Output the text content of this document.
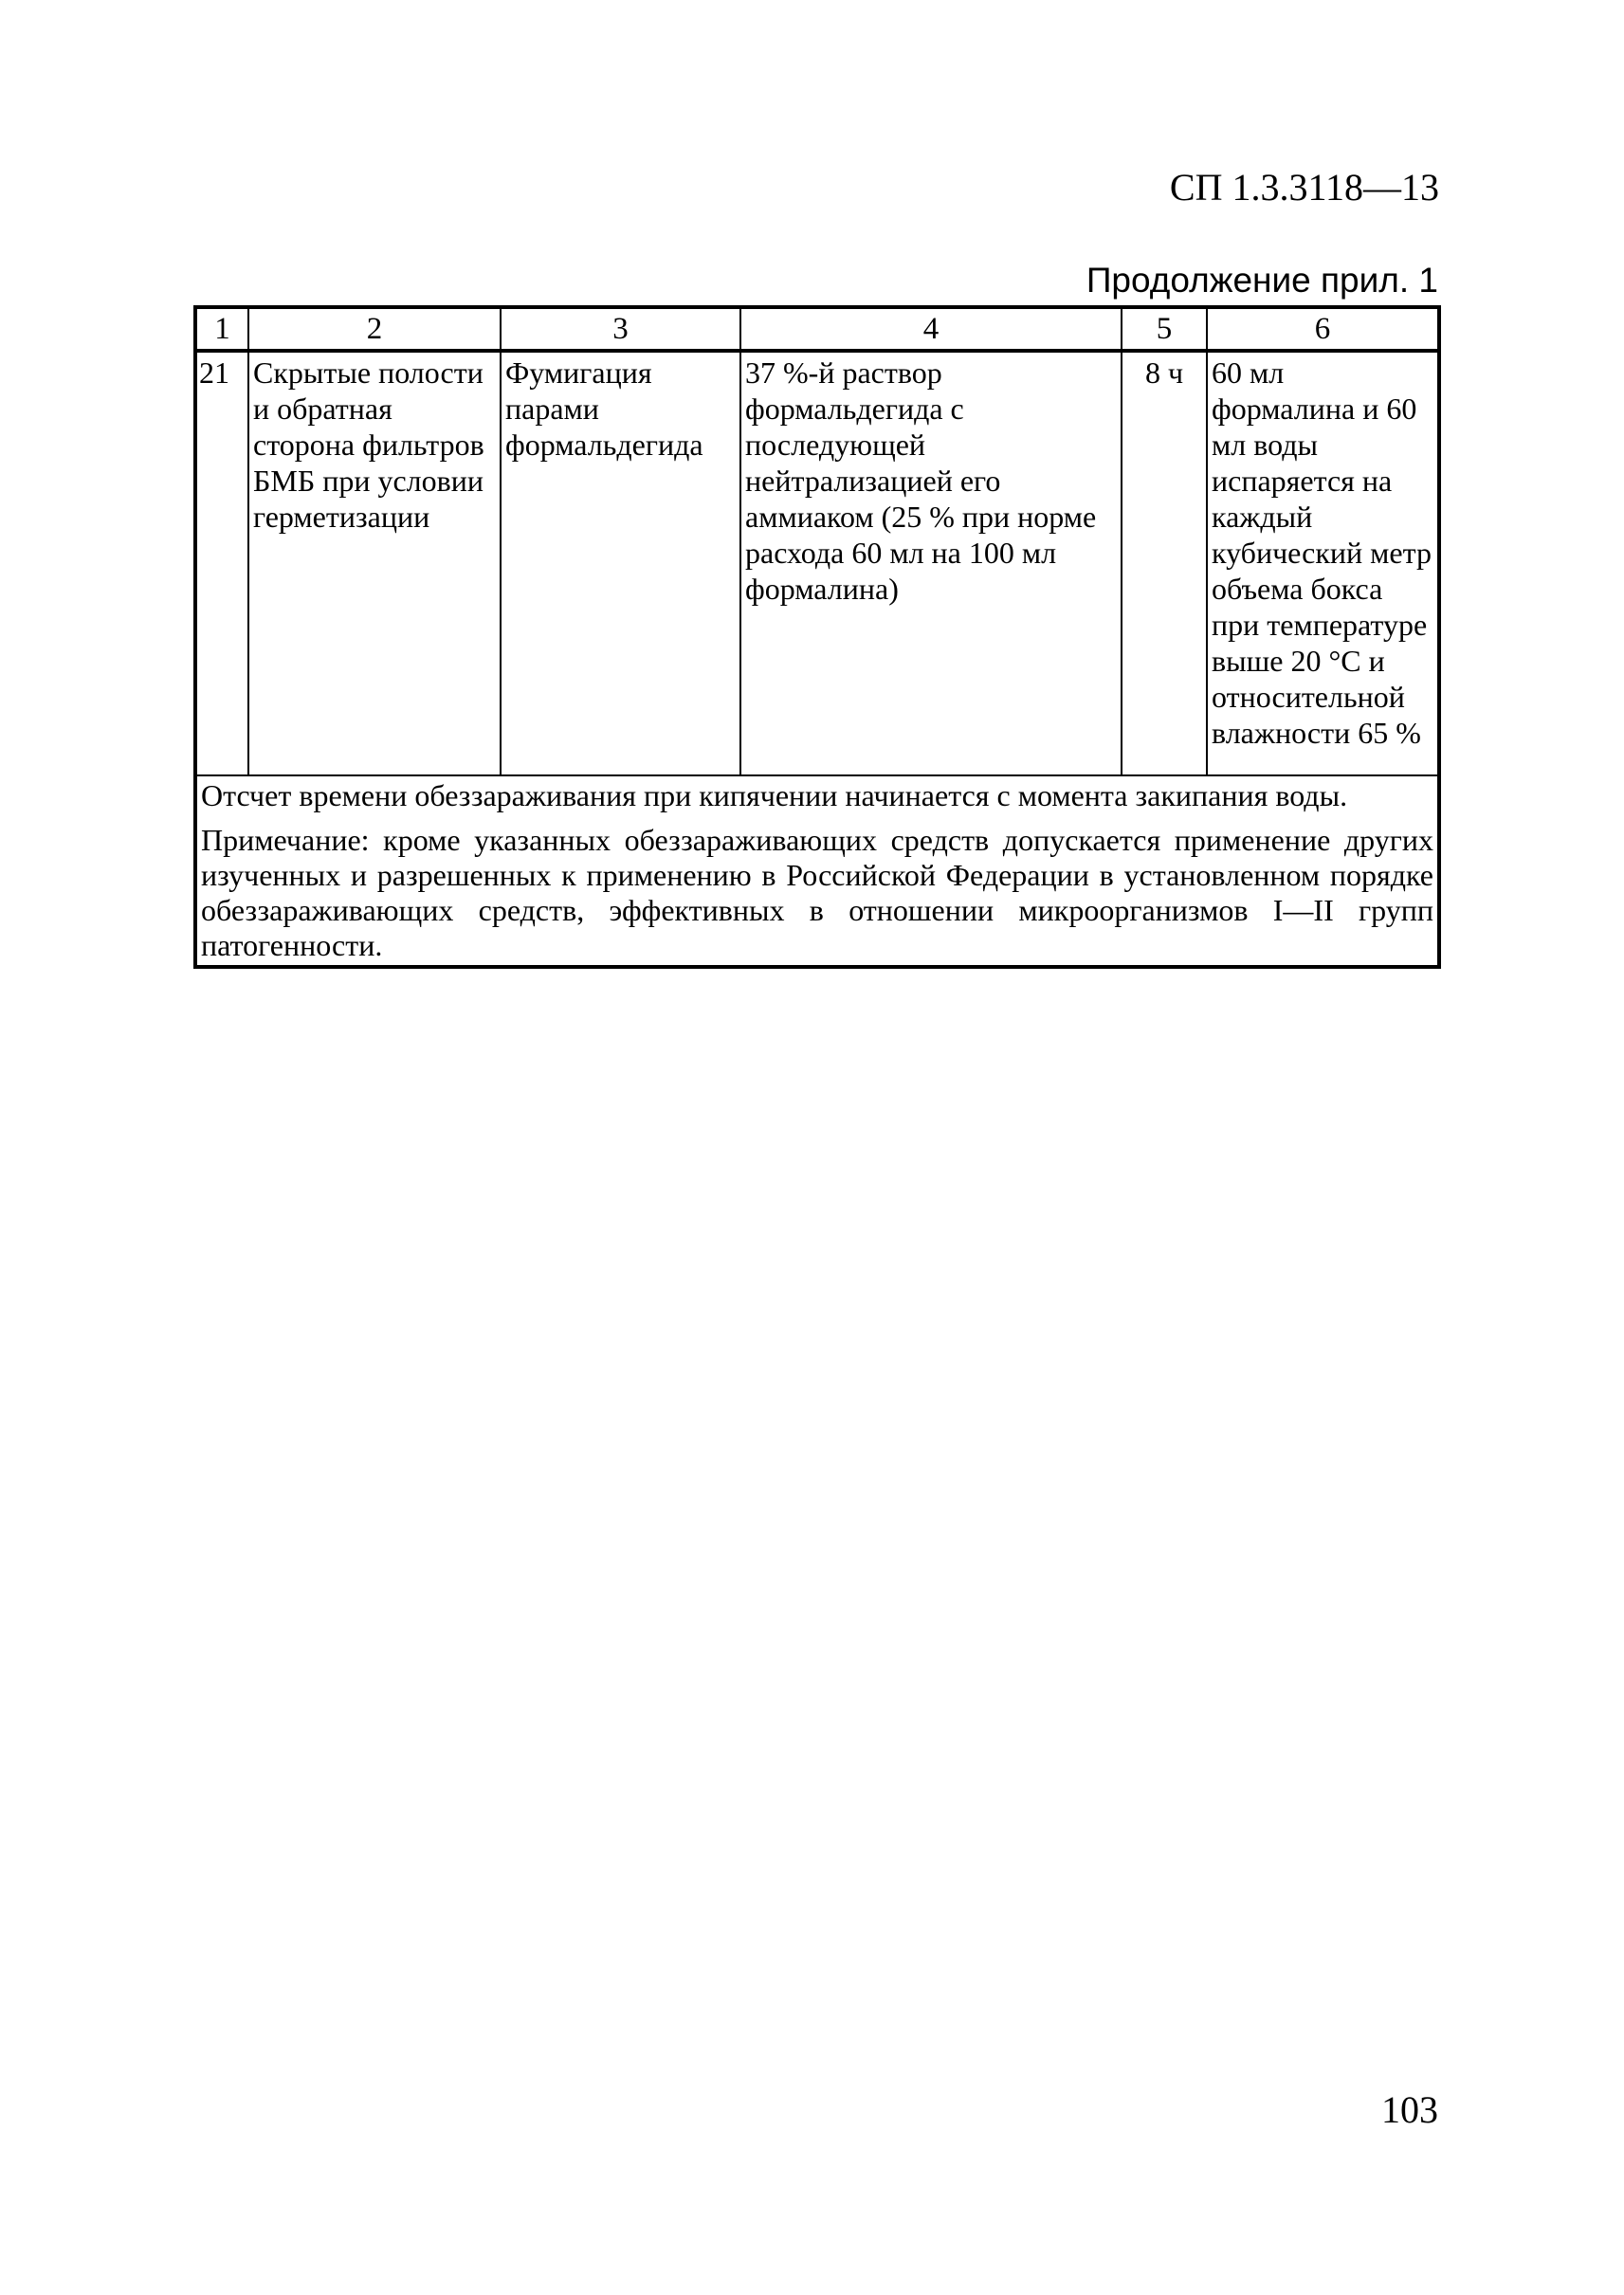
СП 1.3.3118—13
Продолжение прил. 1
1	2	3	4	5	6
21	Скрытые полости и обратная сторона фильтров БМБ при условии герметизации	Фумигация парами формальдегида	37 %-й раствор формальдегида с последующей нейтрализацией его аммиаком (25 % при норме расхода 60 мл на 100 мл формалина)	8 ч	60 мл формалина и 60 мл воды испаряется на каждый кубический метр объема бокса при температуре выше 20 °С и относительной влажности 65 %

Отсчет времени обеззараживания при кипячении начинается с момента закипания воды.

Примечание: кроме указанных обеззараживающих средств допускается применение других изученных и разрешенных к применению в Российской Федерации в установленном порядке обеззараживающих средств, эффективных в отношении микроорганизмов I—II групп патогенности.					

103
